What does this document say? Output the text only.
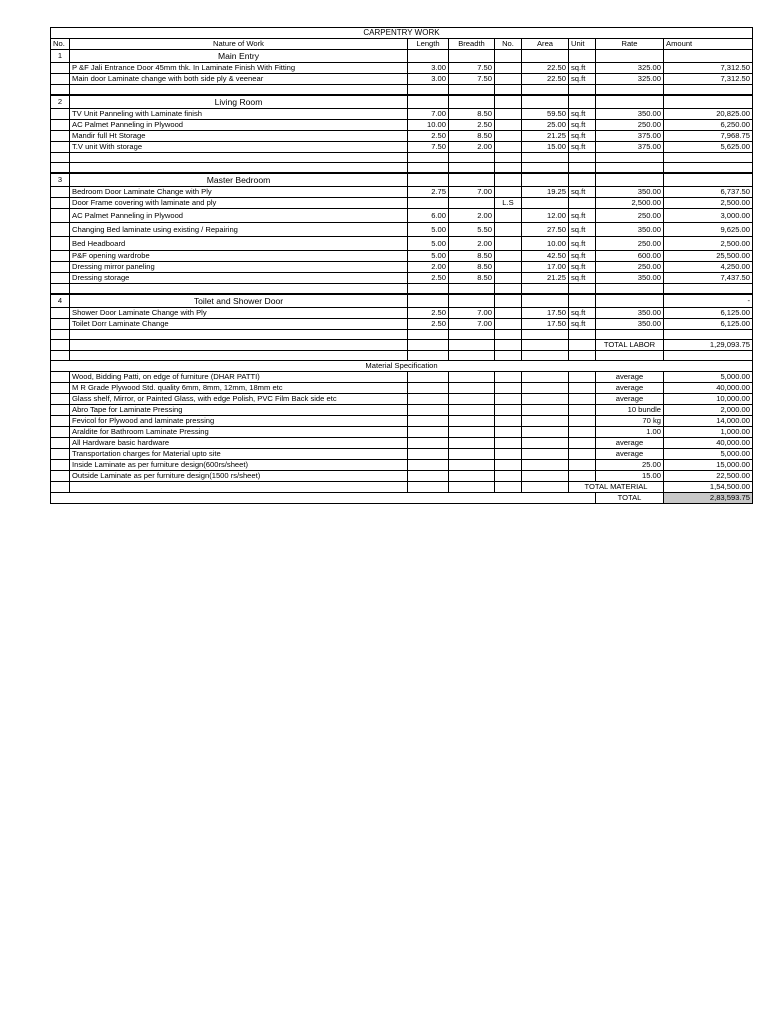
CARPENTRY WORK								
No.	Nature of Work	Length	Breadth	No.	Area	Unit	Rate	Amount
1	Main Entry							
	P &F Jali Entrance Door 45mm thk. In Laminate Finish With Fitting	3.00	7.50		22.50	sq.ft	325.00	7,312.50
	Main door Laminate change with both side ply & veenear	3.00	7.50		22.50	sq.ft	325.00	7,312.50

2	Living Room							
	TV Unit Panneling with Laminate finish	7.00	8.50		59.50	sq.ft	350.00	20,825.00
	AC Palmet Panneling in Plywood	10.00	2.50		25.00	sq.ft	250.00	6,250.00
	Mandir full Ht Storage	2.50	8.50		21.25	sq.ft	375.00	7,968.75
	T.V unit With storage	7.50	2.00		15.00	sq.ft	375.00	5,625.00

3	Master Bedroom							
	Bedroom Door Laminate Change with Ply	2.75	7.00		19.25	sq.ft	350.00	6,737.50
	Door Frame covering with laminate and ply			L.S			2,500.00	2,500.00
	AC Palmet Panneling in Plywood	6.00	2.00		12.00	sq.ft	250.00	3,000.00
	Changing Bed laminate using existing / Repairing	5.00	5.50		27.50	sq.ft	350.00	9,625.00
	Bed Headboard	5.00	2.00		10.00	sq.ft	250.00	2,500.00
	P&F opening wardrobe	5.00	8.50		42.50	sq.ft	600.00	25,500.00
	Dressing mirror paneling	2.00	8.50		17.00	sq.ft	250.00	4,250.00
	Dressing storage	2.50	8.50		21.25	sq.ft	350.00	7,437.50

4	Toilet and Shower Door							-
	Shower Door Laminate Change with Ply	2.50	7.00		17.50	sq.ft	350.00	6,125.00
	Toilet Dorr Laminate Change	2.50	7.00		17.50	sq.ft	350.00	6,125.00

							TOTAL LABOR	1,29,093.75

Material Specification								
	Wood, Bidding Patti, on edge of furniture (DHAR PATTI)						average	5,000.00
	M R Grade Plywood Std. quality 6mm, 8mm, 12mm, 18mm etc						average	40,000.00
	Glass shelf, Mirror, or Painted Glass, with edge Polish, PVC Film Back side etc						average	10,000.00
	Abro Tape for Laminate Pressing						10 bundle	2,000.00
	Fevicol for Plywood and laminate pressing						70 kg	14,000.00
	Araldite for Bathroom Laminate Pressing						1.00	1,000.00
	All Hardware basic hardware						average	40,000.00
	Transportation charges for Material upto site						average	5,000.00
	Inside Laminate as per furniture design(600rs/sheet)						25.00	15,000.00
	Outside Laminate as per furniture design(1500 rs/sheet)						15.00	22,500.00
						TOTAL MATERIAL		1,54,500.00
							TOTAL	2,83,593.75
